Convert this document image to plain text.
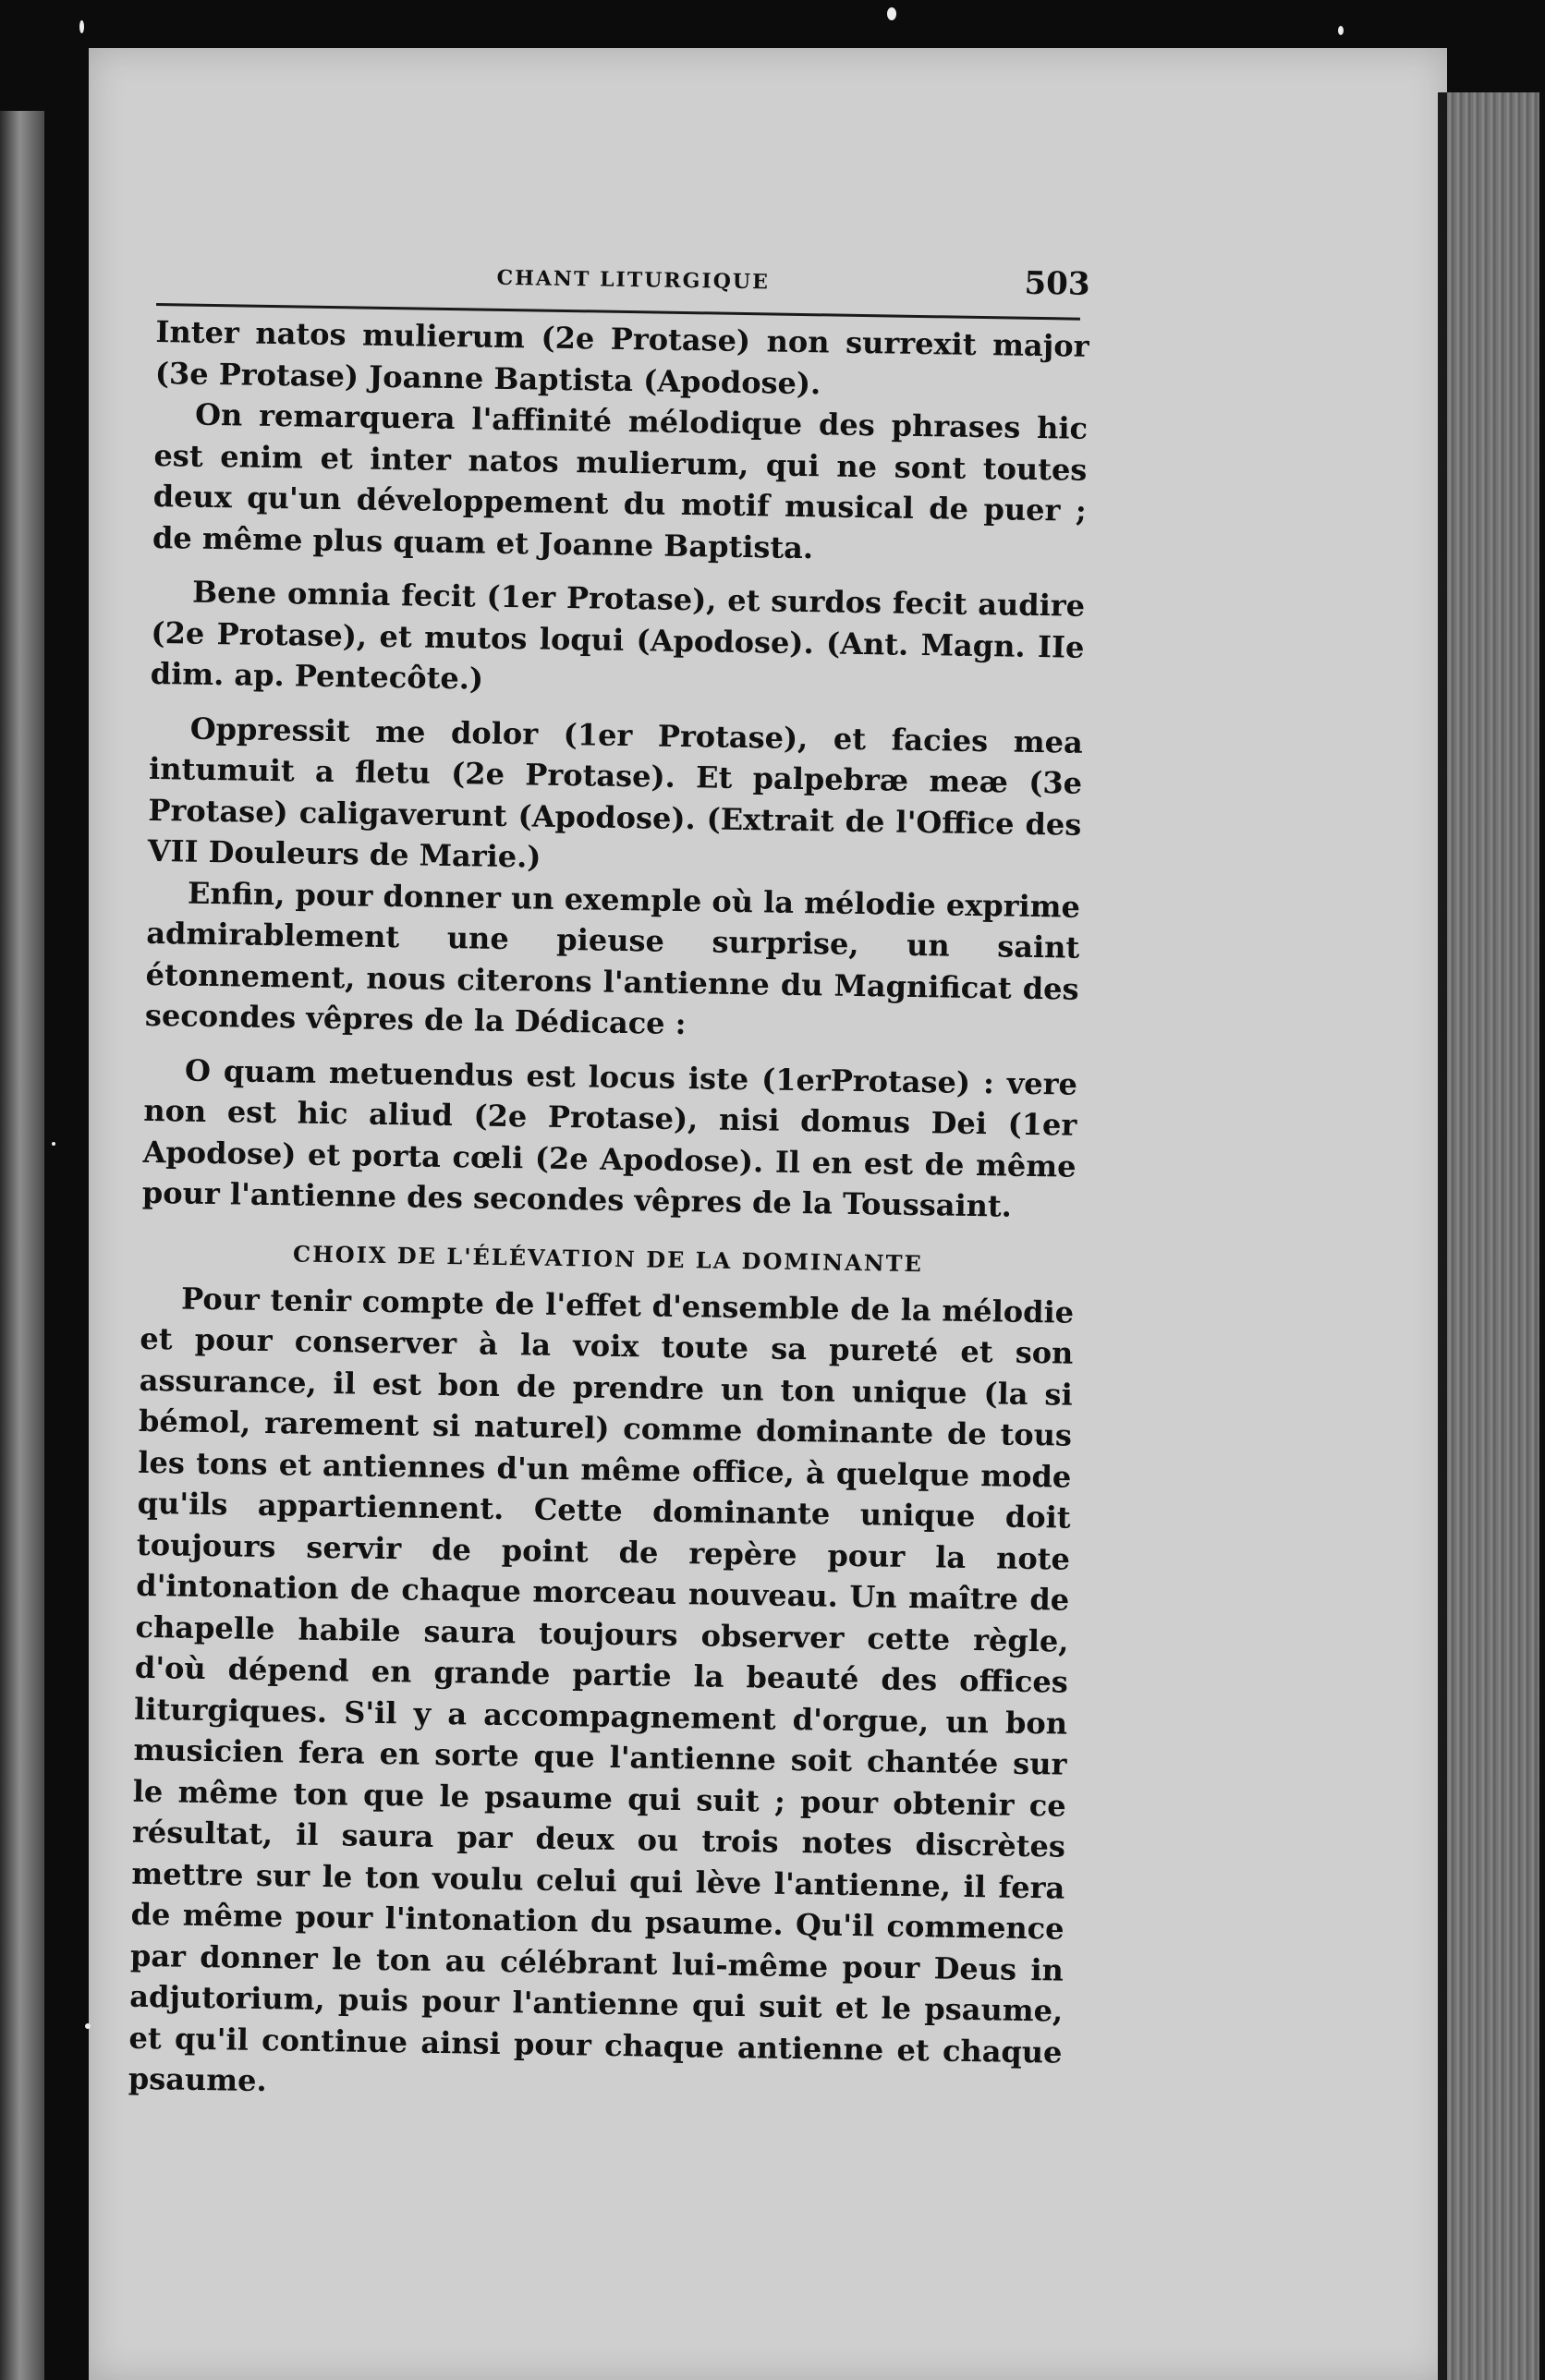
CHANT LITURGIQUE	503

Inter natos mulierum (2e Protase) non surrexit major (3e Protase) Joanne Baptista (Apodose).

On remarquera l'affinité mélodique des phrases hic est enim et inter natos mulierum, qui ne sont toutes deux qu'un développement du motif musical de puer ; de même plus quam et Joanne Baptista.

Bene omnia fecit (1er Protase), et surdos fecit audire (2e Protase), et mutos loqui (Apodose). (Ant. Magn. IIe dim. ap. Pentecôte.)

Oppressit me dolor (1er Protase), et facies mea intumuit a fletu (2e Protase). Et palpebræ meæ (3e Protase) caligaverunt (Apodose). (Extrait de l'Office des VII Douleurs de Marie.)

Enfin, pour donner un exemple où la mélodie exprime admirablement une pieuse surprise, un saint étonnement, nous citerons l'antienne du Magnificat des secondes vêpres de la Dédicace :

O quam metuendus est locus iste (1erProtase) : vere non est hic aliud (2e Protase), nisi domus Dei (1er Apodose) et porta cœli (2e Apodose). Il en est de même pour l'antienne des secondes vêpres de la Toussaint.

CHOIX DE L'ÉLÉVATION DE LA DOMINANTE

Pour tenir compte de l'effet d'ensemble de la mélodie et pour conserver à la voix toute sa pureté et son assurance, il est bon de prendre un ton unique (la si bémol, rarement si naturel) comme dominante de tous les tons et antiennes d'un même office, à quelque mode qu'ils appartiennent. Cette dominante unique doit toujours servir de point de repère pour la note d'intonation de chaque morceau nouveau. Un maître de chapelle habile saura toujours observer cette règle, d'où dépend en grande partie la beauté des offices liturgiques. S'il y a accompagnement d'orgue, un bon musicien fera en sorte que l'antienne soit chantée sur le même ton que le psaume qui suit ; pour obtenir ce résultat, il saura par deux ou trois notes discrètes mettre sur le ton voulu celui qui lève l'antienne, il fera de même pour l'intonation du psaume. Qu'il commence par donner le ton au célébrant lui-même pour Deus in adjutorium, puis pour l'antienne qui suit et le psaume, et qu'il continue ainsi pour chaque antienne et chaque psaume.
